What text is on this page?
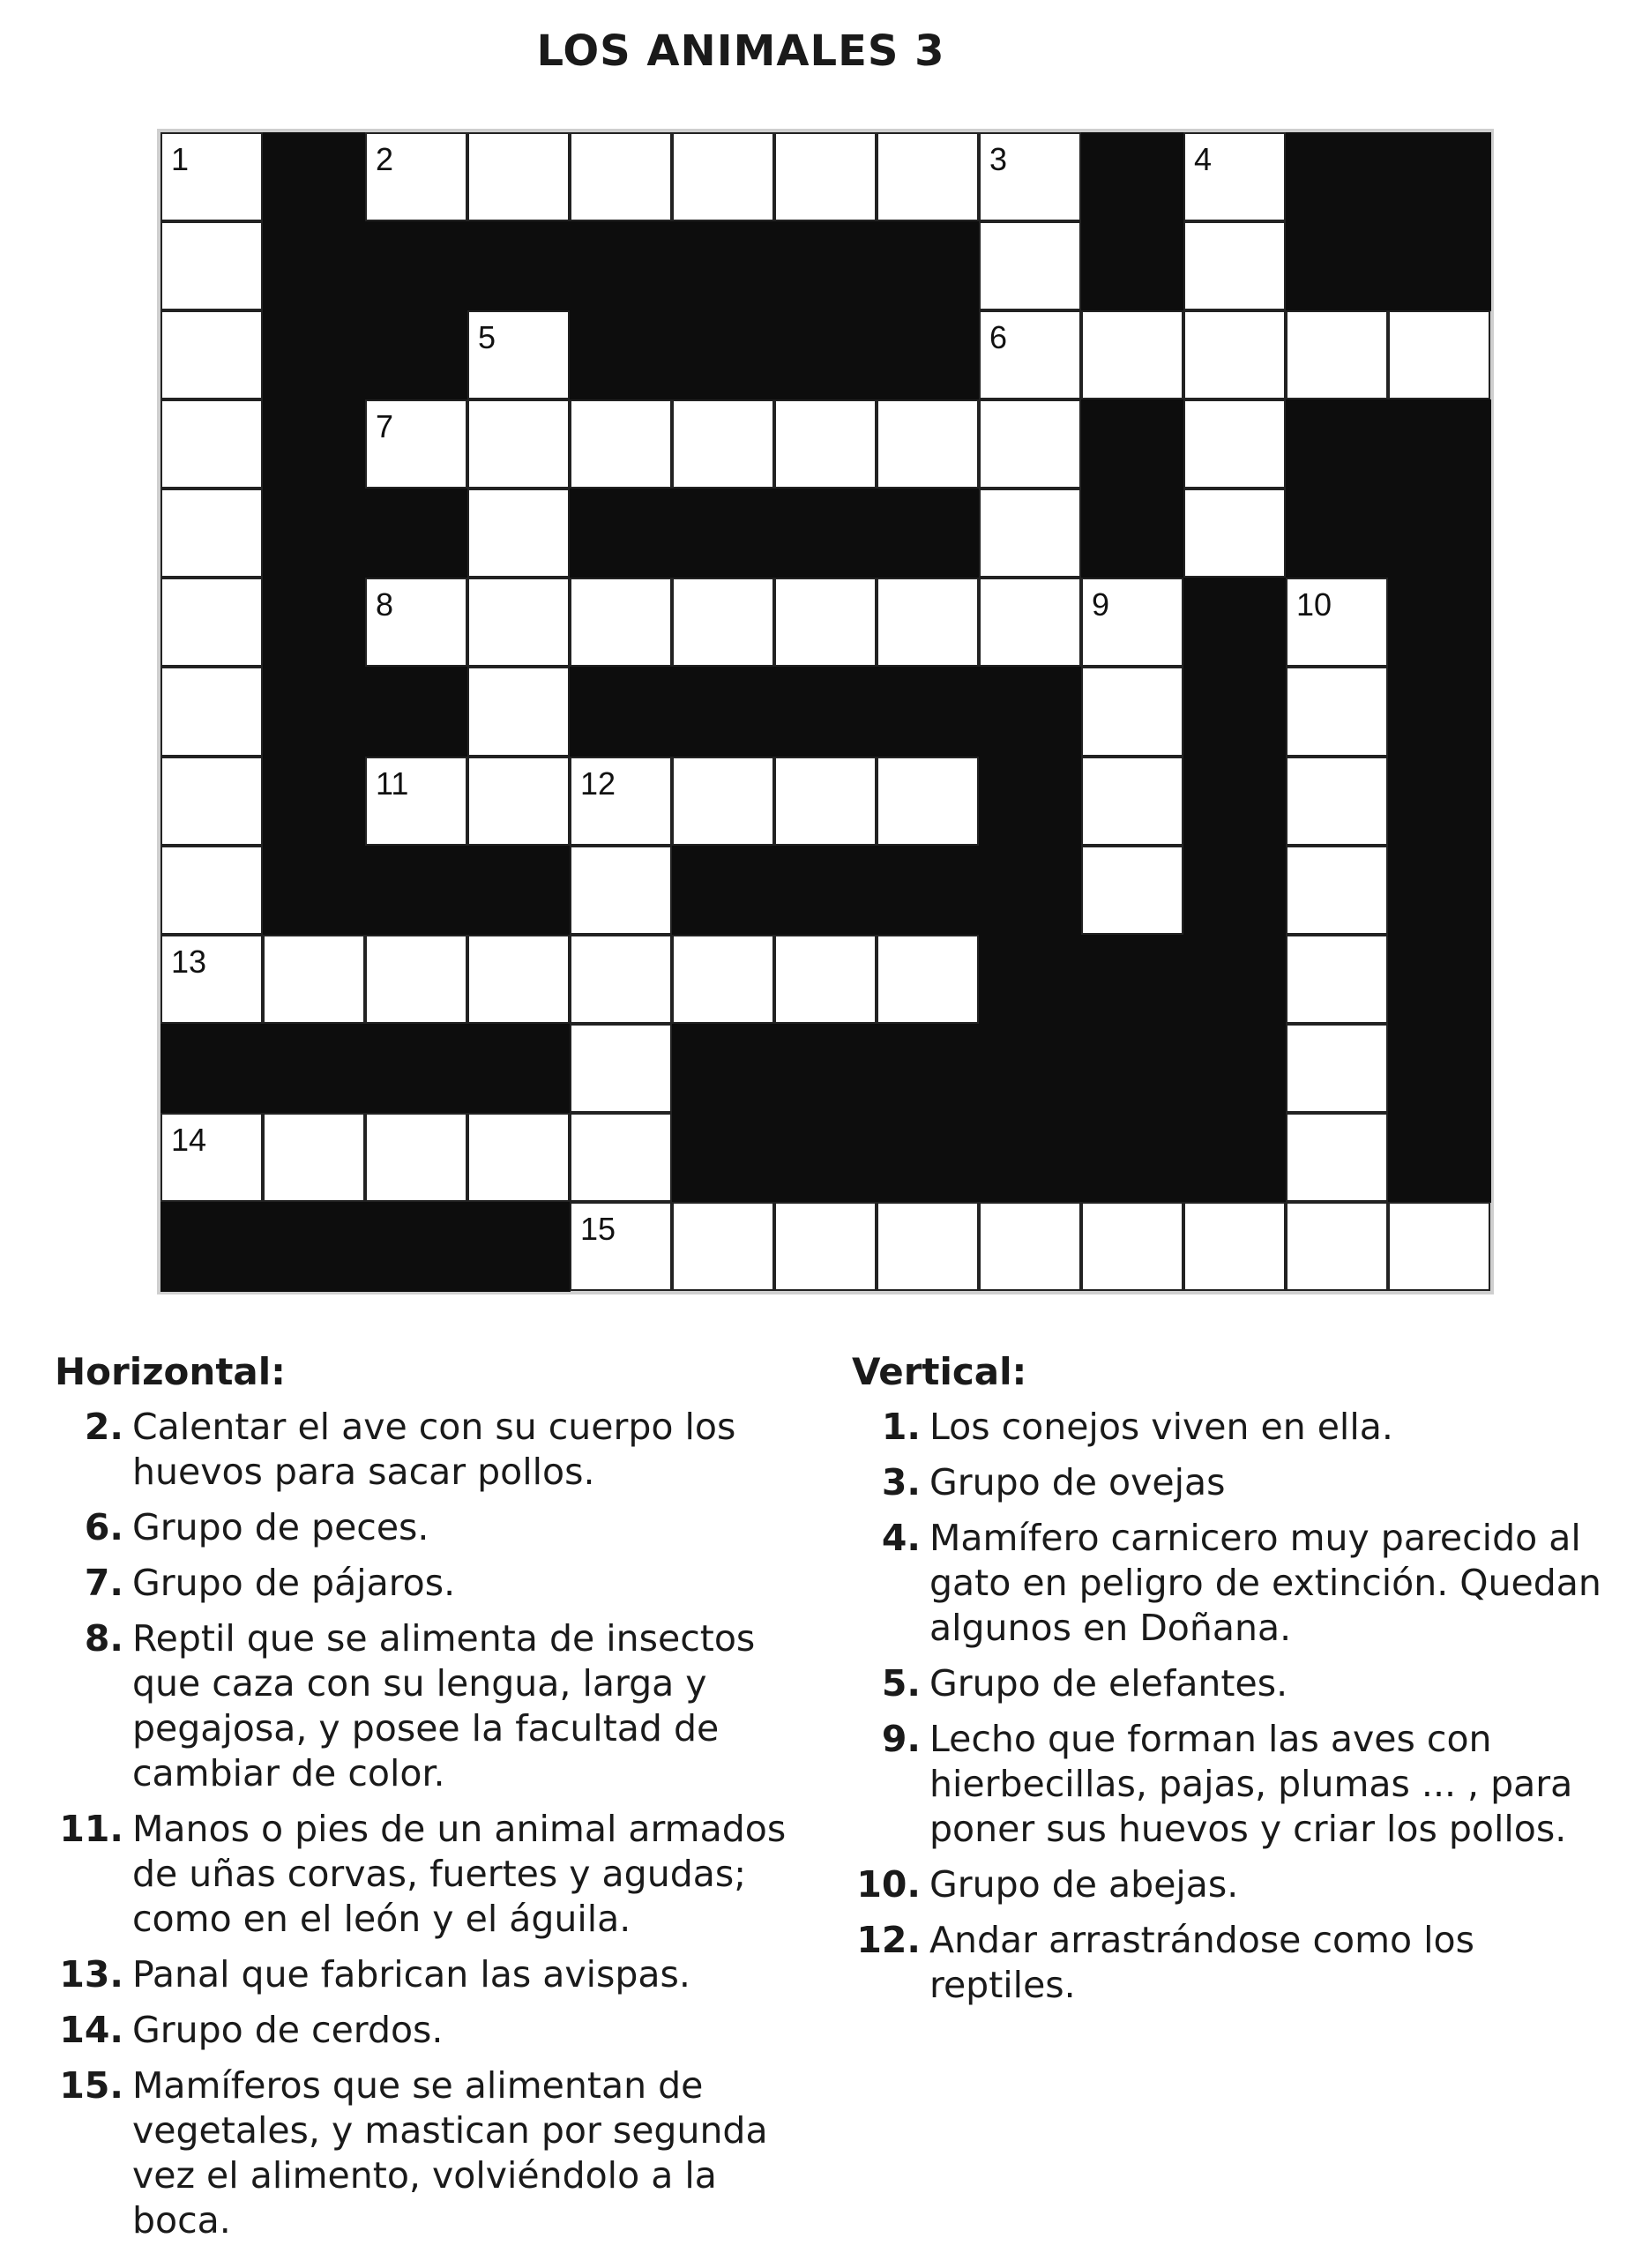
LOS ANIMALES 3
1	2	3	4
5	6
7
8	9	10
11	12
13
14
15
Horizontal:
2. Calentar el ave con su cuerpo los huevos para sacar pollos.
6. Grupo de peces.
7. Grupo de pájaros.
8. Reptil que se alimenta de insectos que caza con su lengua, larga y pegajosa, y posee la facultad de cambiar de color.
11. Manos o pies de un animal armados de uñas corvas, fuertes y agudas; como en el león y el águila.
13. Panal que fabrican las avispas.
14. Grupo de cerdos.
15. Mamíferos que se alimentan de vegetales, y mastican por segunda vez el alimento, volviéndolo a la boca.
Vertical:
1. Los conejos viven en ella.
3. Grupo de ovejas
4. Mamífero carnicero muy parecido al gato en peligro de extinción. Quedan algunos en Doñana.
5. Grupo de elefantes.
9. Lecho que forman las aves con hierbecillas, pajas, plumas ... , para poner sus huevos y criar los pollos.
10. Grupo de abejas.
12. Andar arrastrándose como los reptiles.
